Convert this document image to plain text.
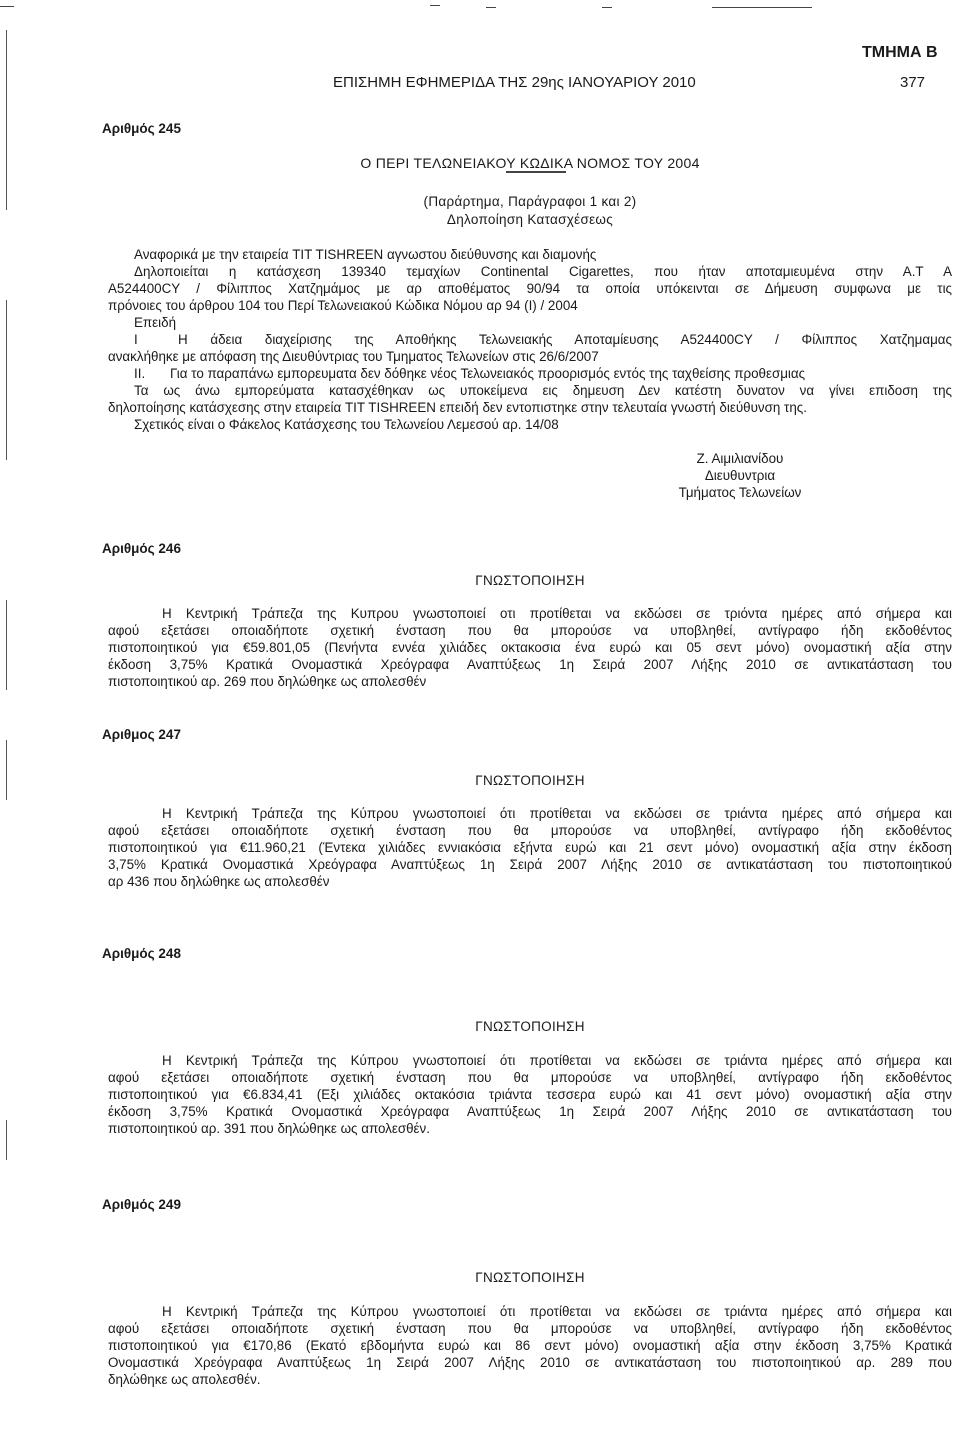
ΤΜΗΜΑ Β
ΕΠΙΣΗΜΗ ΕΦΗΜΕΡΙΔΑ ΤΗΣ 29ης ΙΑΝΟΥΑΡΙΟΥ 2010	377
Αριθμός 245
Ο ΠΕΡΙ ΤΕΛΩΝΕΙΑΚΟΥ ΚΩΔΙΚΑ ΝΟΜΟΣ ΤΟΥ 2004
(Παράρτημα, Παράγραφοι 1 και 2)
Δηλοποίηση Κατασχέσεως
Αναφορικά με την εταιρεία TIT TISHREEN αγνωστου διεύθυνσης και διαμονής
Δηλοποιείται η κατάσχεση 139340 τεμαχίων Continental Cigarettes, που ήταν αποταμιευμένα στην Α.Τ Α
Α524400CY / Φίλιππος Χατζημάμος με αρ αποθέματος 90/94 τα οποία υπόκεινται σε Δήμευση συμφωνα με τις
πρόνοιες του άρθρου 104 του Περί Τελωνειακού Κώδικα Νόμου αρ 94 (I) / 2004
Επειδή
I	Η άδεια διαχείρισης της Αποθήκης Τελωνειακής Αποταμίευσης Α524400CY / Φίλιππος Χατζημαμας
ανακλήθηκε με απόφαση της Διευθύντριας του Τμηματος Τελωνείων στις 26/6/2007
II.	Για το παραπάνω εμπορευματα δεν δόθηκε νέος Τελωνειακός προορισμός εντός της ταχθείσης προθεσμιας
Τα ως άνω εμπορεύματα κατασχέθηκαν ως υποκείμενα εις δημευση Δεν κατέστη δυνατον να γίνει επιδοση της
δηλοποίησης κατάσχεσης στην εταιρεία TIT TISHREEN επειδή δεν εντοπιστηκε στην τελευταία γνωστή διεύθυνση της.
Σχετικός είναι ο Φάκελος Κατάσχεσης του Τελωνείου Λεμεσού αρ. 14/08
Ζ. Αιμιλιανίδου
Διευθυντρια
Τμήματος Τελωνείων
Αριθμός 246
ΓΝΩΣΤΟΠΟΙΗΣΗ
Η Κεντρική Τράπεζα της Κυπρου γνωστοποιεί οτι προτίθεται να εκδώσει σε τριόντα ημέρες από σήμερα και
αφού εξετάσει οποιαδήποτε σχετική ένσταση που θα μπορούσε να υποβληθεί, αντίγραφο ήδη εκδοθέντος
πιστοποιητικού για €59.801,05 (Πενήντα εννέα χιλιάδες οκτακοσια ένα ευρώ και 05 σεντ μόνο) ονομαστική αξία στην
έκδοση 3,75% Κρατικά Ονομαστικά Χρεόγραφα Αναπτύξεως 1η Σειρά 2007 Λήξης 2010 σε αντικατάσταση του
πιστοποιητικού αρ. 269 που δηλώθηκε ως απολεσθέν
Αριθμος 247
ΓΝΩΣΤΟΠΟΙΗΣΗ
Η Κεντρική Τράπεζα της Κύπρου γνωστοποιεί ότι προτίθεται να εκδώσει σε τριάντα ημέρες από σήμερα και
αφού εξετάσει οποιαδήποτε σχετική ένσταση που θα μπορούσε να υποβληθεί, αντίγραφο ήδη εκδοθέντος
πιστοποιητικού για €11.960,21 (Έντεκα χιλιάδες εννιακόσια εξήντα ευρώ και 21 σεντ μόνο) ονομαστική αξία στην έκδοση
3,75% Κρατικά Ονομαστικά Χρεόγραφα Αναπτύξεως 1η Σειρά 2007 Λήξης 2010 σε αντικατάσταση του πιστοποιητικού
αρ 436 που δηλώθηκε ως απολεσθέν
Αριθμός 248
ΓΝΩΣΤΟΠΟΙΗΣΗ
Η Κεντρική Τράπεζα της Κύπρου γνωστοποιεί ότι προτίθεται να εκδώσει σε τριάντα ημέρες από σήμερα και
αφού εξετάσει οποιαδήποτε σχετική ένσταση που θα μπορούσε να υποβληθεί, αντίγραφο ήδη εκδοθέντος
πιστοποιητικού για €6.834,41 (Εξι χιλιάδες οκτακόσια τριάντα τεσσερα ευρώ και 41 σεντ μόνο) ονομαστική αξία στην
έκδοση 3,75% Κρατικά Ονομαστικά Χρεόγραφα Αναπτύξεως 1η Σειρά 2007 Λήξης 2010 σε αντικατάσταση του
πιστοποιητικού αρ. 391 που δηλώθηκε ως απολεσθέν.
Αριθμός 249
ΓΝΩΣΤΟΠΟΙΗΣΗ
Η Κεντρική Τράπεζα της Κύπρου γνωστοποιεί ότι προτίθεται να εκδώσει σε τριάντα ημέρες από σήμερα και
αφού εξετάσει οποιαδήποτε σχετική ένσταση που θα μπορούσε να υποβληθεί, αντίγραφο ήδη εκδοθέντος
πιστοποιητικού για €170,86 (Εκατό εβδομήντα ευρώ και 86 σεντ μόνο) ονομαστική αξία στην έκδοση 3,75% Κρατικά
Ονομαστικά Χρεόγραφα Αναπτύξεως 1η Σειρά 2007 Λήξης 2010 σε αντικατάσταση του πιστοποιητικού αρ. 289 που
δηλώθηκε ως απολεσθέν.
